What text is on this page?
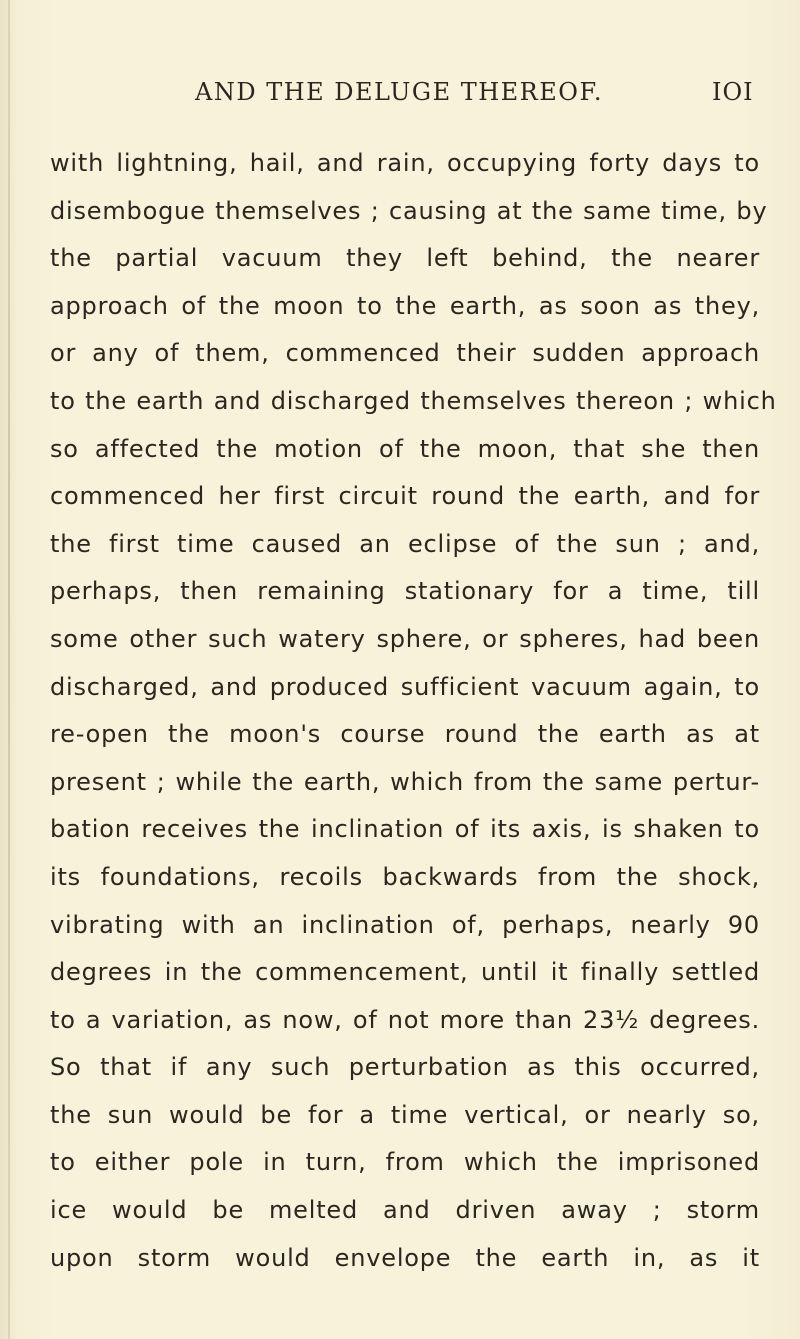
AND THE DELUGE THEREOF.	IOI
with lightning, hail, and rain, occupying forty days to
disembogue themselves ; causing at the same time, by
the partial vacuum they left behind, the nearer
approach of the moon to the earth, as soon as they,
or any of them, commenced their sudden approach
to the earth and discharged themselves thereon ; which
so affected the motion of the moon, that she then
commenced her first circuit round the earth, and for
the first time caused an eclipse of the sun ; and,
perhaps, then remaining stationary for a time, till
some other such watery sphere, or spheres, had been
discharged, and produced sufficient vacuum again, to
re-open the moon's course round the earth as at
present ; while the earth, which from the same pertur-
bation receives the inclination of its axis, is shaken to
its foundations, recoils backwards from the shock,
vibrating with an inclination of, perhaps, nearly 90
degrees in the commencement, until it finally settled
to a variation, as now, of not more than 23½ degrees.
So that if any such perturbation as this occurred,
the sun would be for a time vertical, or nearly so,
to either pole in turn, from which the imprisoned
ice would be melted and driven away ; storm
upon storm would envelope the earth in, as it
